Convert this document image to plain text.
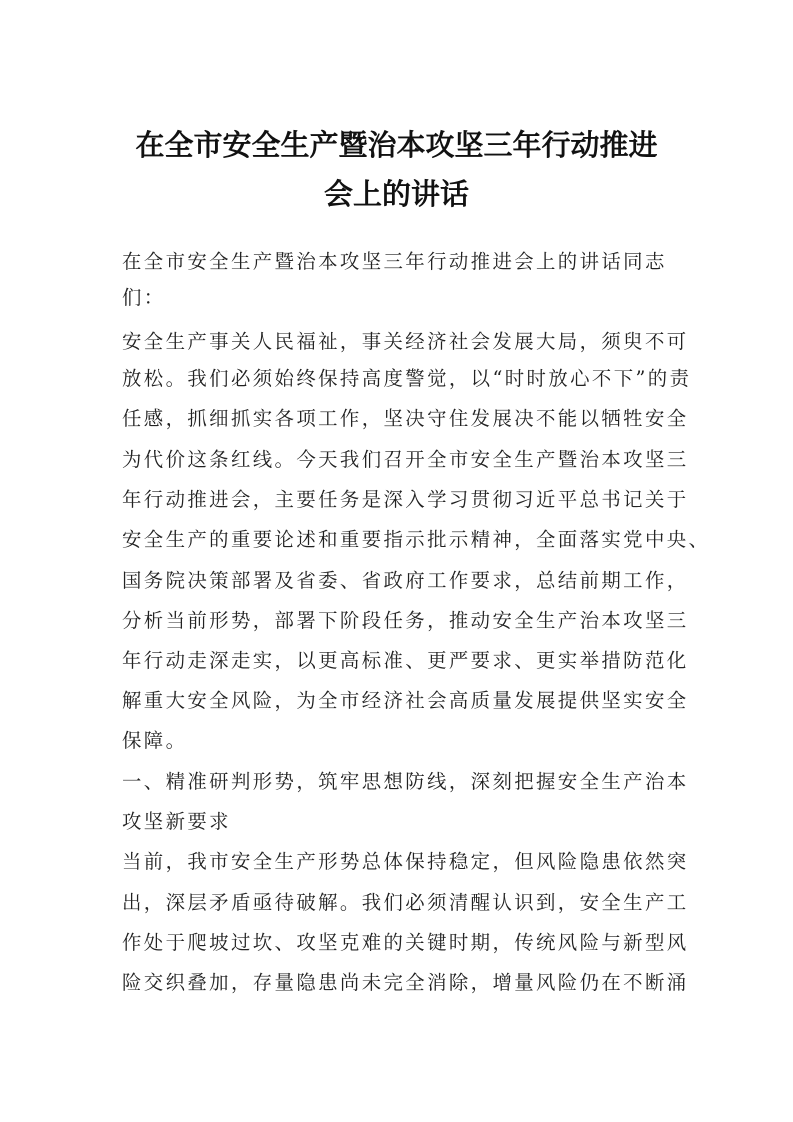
在全市安全生产暨治本攻坚三年行动推进
会上的讲话
在全市安全生产暨治本攻坚三年行动推进会上的讲话同志
们：
安全生产事关人民福祉，事关经济社会发展大局，须臾不可
放松。我们必须始终保持高度警觉，以“时时放心不下”的责
任感，抓细抓实各项工作，坚决守住发展决不能以牺牲安全
为代价这条红线。今天我们召开全市安全生产暨治本攻坚三
年行动推进会，主要任务是深入学习贯彻习近平总书记关于
安全生产的重要论述和重要指示批示精神，全面落实党中央、
国务院决策部署及省委、省政府工作要求，总结前期工作，
分析当前形势，部署下阶段任务，推动安全生产治本攻坚三
年行动走深走实，以更高标准、更严要求、更实举措防范化
解重大安全风险，为全市经济社会高质量发展提供坚实安全
保障。
一、精准研判形势，筑牢思想防线，深刻把握安全生产治本
攻坚新要求
当前，我市安全生产形势总体保持稳定，但风险隐患依然突
出，深层矛盾亟待破解。我们必须清醒认识到，安全生产工
作处于爬坡过坎、攻坚克难的关键时期，传统风险与新型风
险交织叠加，存量隐患尚未完全消除，增量风险仍在不断涌
